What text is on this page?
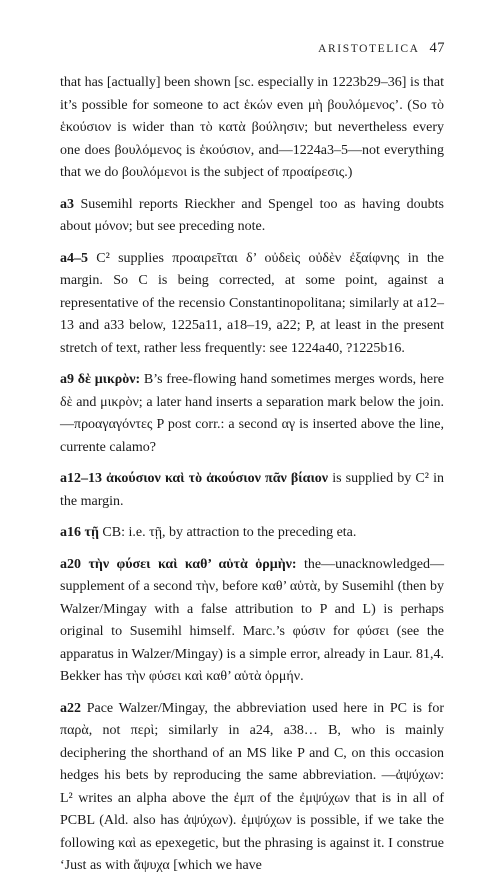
ARISTOTELICA 47

that has [actually] been shown [sc. especially in 1223b29–36] is that it’s possible for someone to act ἑκών even μὴ βουλόμενος’. (So τὸ ἑκούσιον is wider than τὸ κατὰ βούλησιν; but nevertheless every one does βουλόμενος is ἑκούσιον, and—1224a3–5—not everything that we do βουλόμενοι is the subject of προαίρεσις.)

a3 Susemihl reports Rieckher and Spengel too as having doubts about μόνον; but see preceding note.

a4–5 C² supplies προαιρεῖται δ’ οὐδεὶς οὐδὲν ἐξαίφνης in the margin. So C is being corrected, at some point, against a representative of the recensio Constantinopolitana; similarly at a12–13 and a33 below, 1225a11, a18–19, a22; P, at least in the present stretch of text, rather less frequently: see 1224a40, ?1225b16.

a9 δὲ μικρὸν: B’s free-flowing hand sometimes merges words, here δὲ and μικρὸν; a later hand inserts a separation mark below the join. —προαγαγόντες P post corr.: a second αγ is inserted above the line, currente calamo?

a12–13 ἀκούσιον καὶ τὸ ἀκούσιον πᾶν βίαιον is supplied by C² in the margin.

a16 τῇ CB: i.e. τῇ, by attraction to the preceding eta.

a20 τὴν φύσει καὶ καθ’ αὑτὰ ὁρμὴν: the—unacknowledged—supplement of a second τὴν, before καθ’ αὑτὰ, by Susemihl (then by Walzer/Mingay with a false attribution to P and L) is perhaps original to Susemihl himself. Marc.’s φύσιν for φύσει (see the apparatus in Walzer/Mingay) is a simple error, already in Laur. 81,4. Bekker has τὴν φύσει καὶ καθ’ αὑτὰ ὁρμήν.

a22 Pace Walzer/Mingay, the abbreviation used here in PC is for παρὰ, not περὶ; similarly in a24, a38… B, who is mainly deciphering the shorthand of an MS like P and C, on this occasion hedges his bets by reproducing the same abbreviation. —ἀψύχων: L² writes an alpha above the ἐμπ of the ἐμψύχων that is in all of PCBL (Ald. also has ἀψύχων). ἐμψύχων is possible, if we take the following καὶ as epexegetic, but the phrasing is against it. I construe ‘Just as with ἄψυχα [which we have
